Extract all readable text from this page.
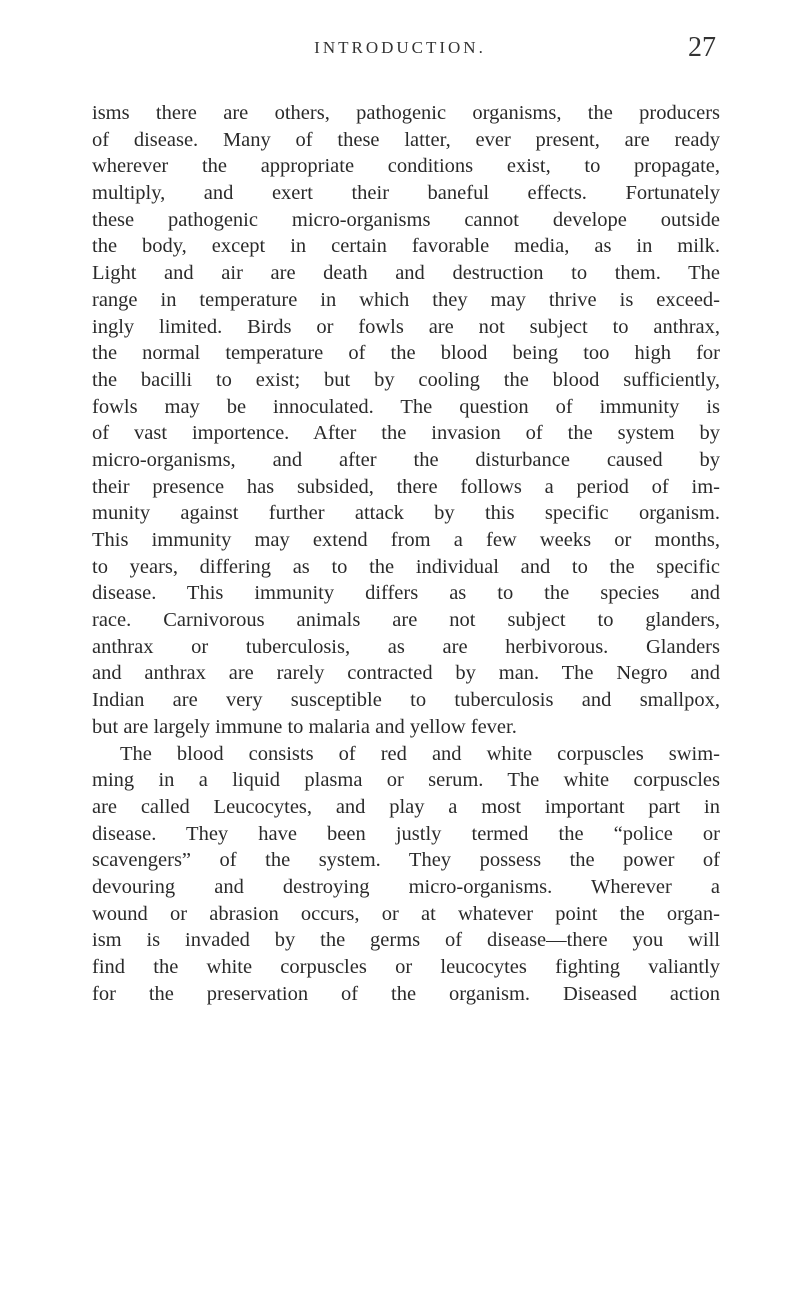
INTRODUCTION.	27
isms there are others, pathogenic organisms, the producers
of disease. Many of these latter, ever present, are ready
wherever the appropriate conditions exist, to propagate,
multiply, and exert their baneful effects. Fortunately
these pathogenic micro-organisms cannot develope outside
the body, except in certain favorable media, as in milk.
Light and air are death and destruction to them. The
range in temperature in which they may thrive is exceed-
ingly limited. Birds or fowls are not subject to anthrax,
the normal temperature of the blood being too high for
the bacilli to exist; but by cooling the blood sufficiently,
fowls may be innoculated. The question of immunity is
of vast importence. After the invasion of the system by
micro-organisms, and after the disturbance caused by
their presence has subsided, there follows a period of im-
munity against further attack by this specific organism.
This immunity may extend from a few weeks or months,
to years, differing as to the individual and to the specific
disease. This immunity differs as to the species and
race. Carnivorous animals are not subject to glanders,
anthrax or tuberculosis, as are herbivorous. Glanders
and anthrax are rarely contracted by man. The Negro and
Indian are very susceptible to tuberculosis and smallpox,
but are largely immune to malaria and yellow fever.
The blood consists of red and white corpuscles swim-
ming in a liquid plasma or serum. The white corpuscles
are called Leucocytes, and play a most important part in
disease. They have been justly termed the “police or
scavengers” of the system. They possess the power of
devouring and destroying micro-organisms. Wherever a
wound or abrasion occurs, or at whatever point the organ-
ism is invaded by the germs of disease—there you will
find the white corpuscles or leucocytes fighting valiantly
for the preservation of the organism. Diseased action
